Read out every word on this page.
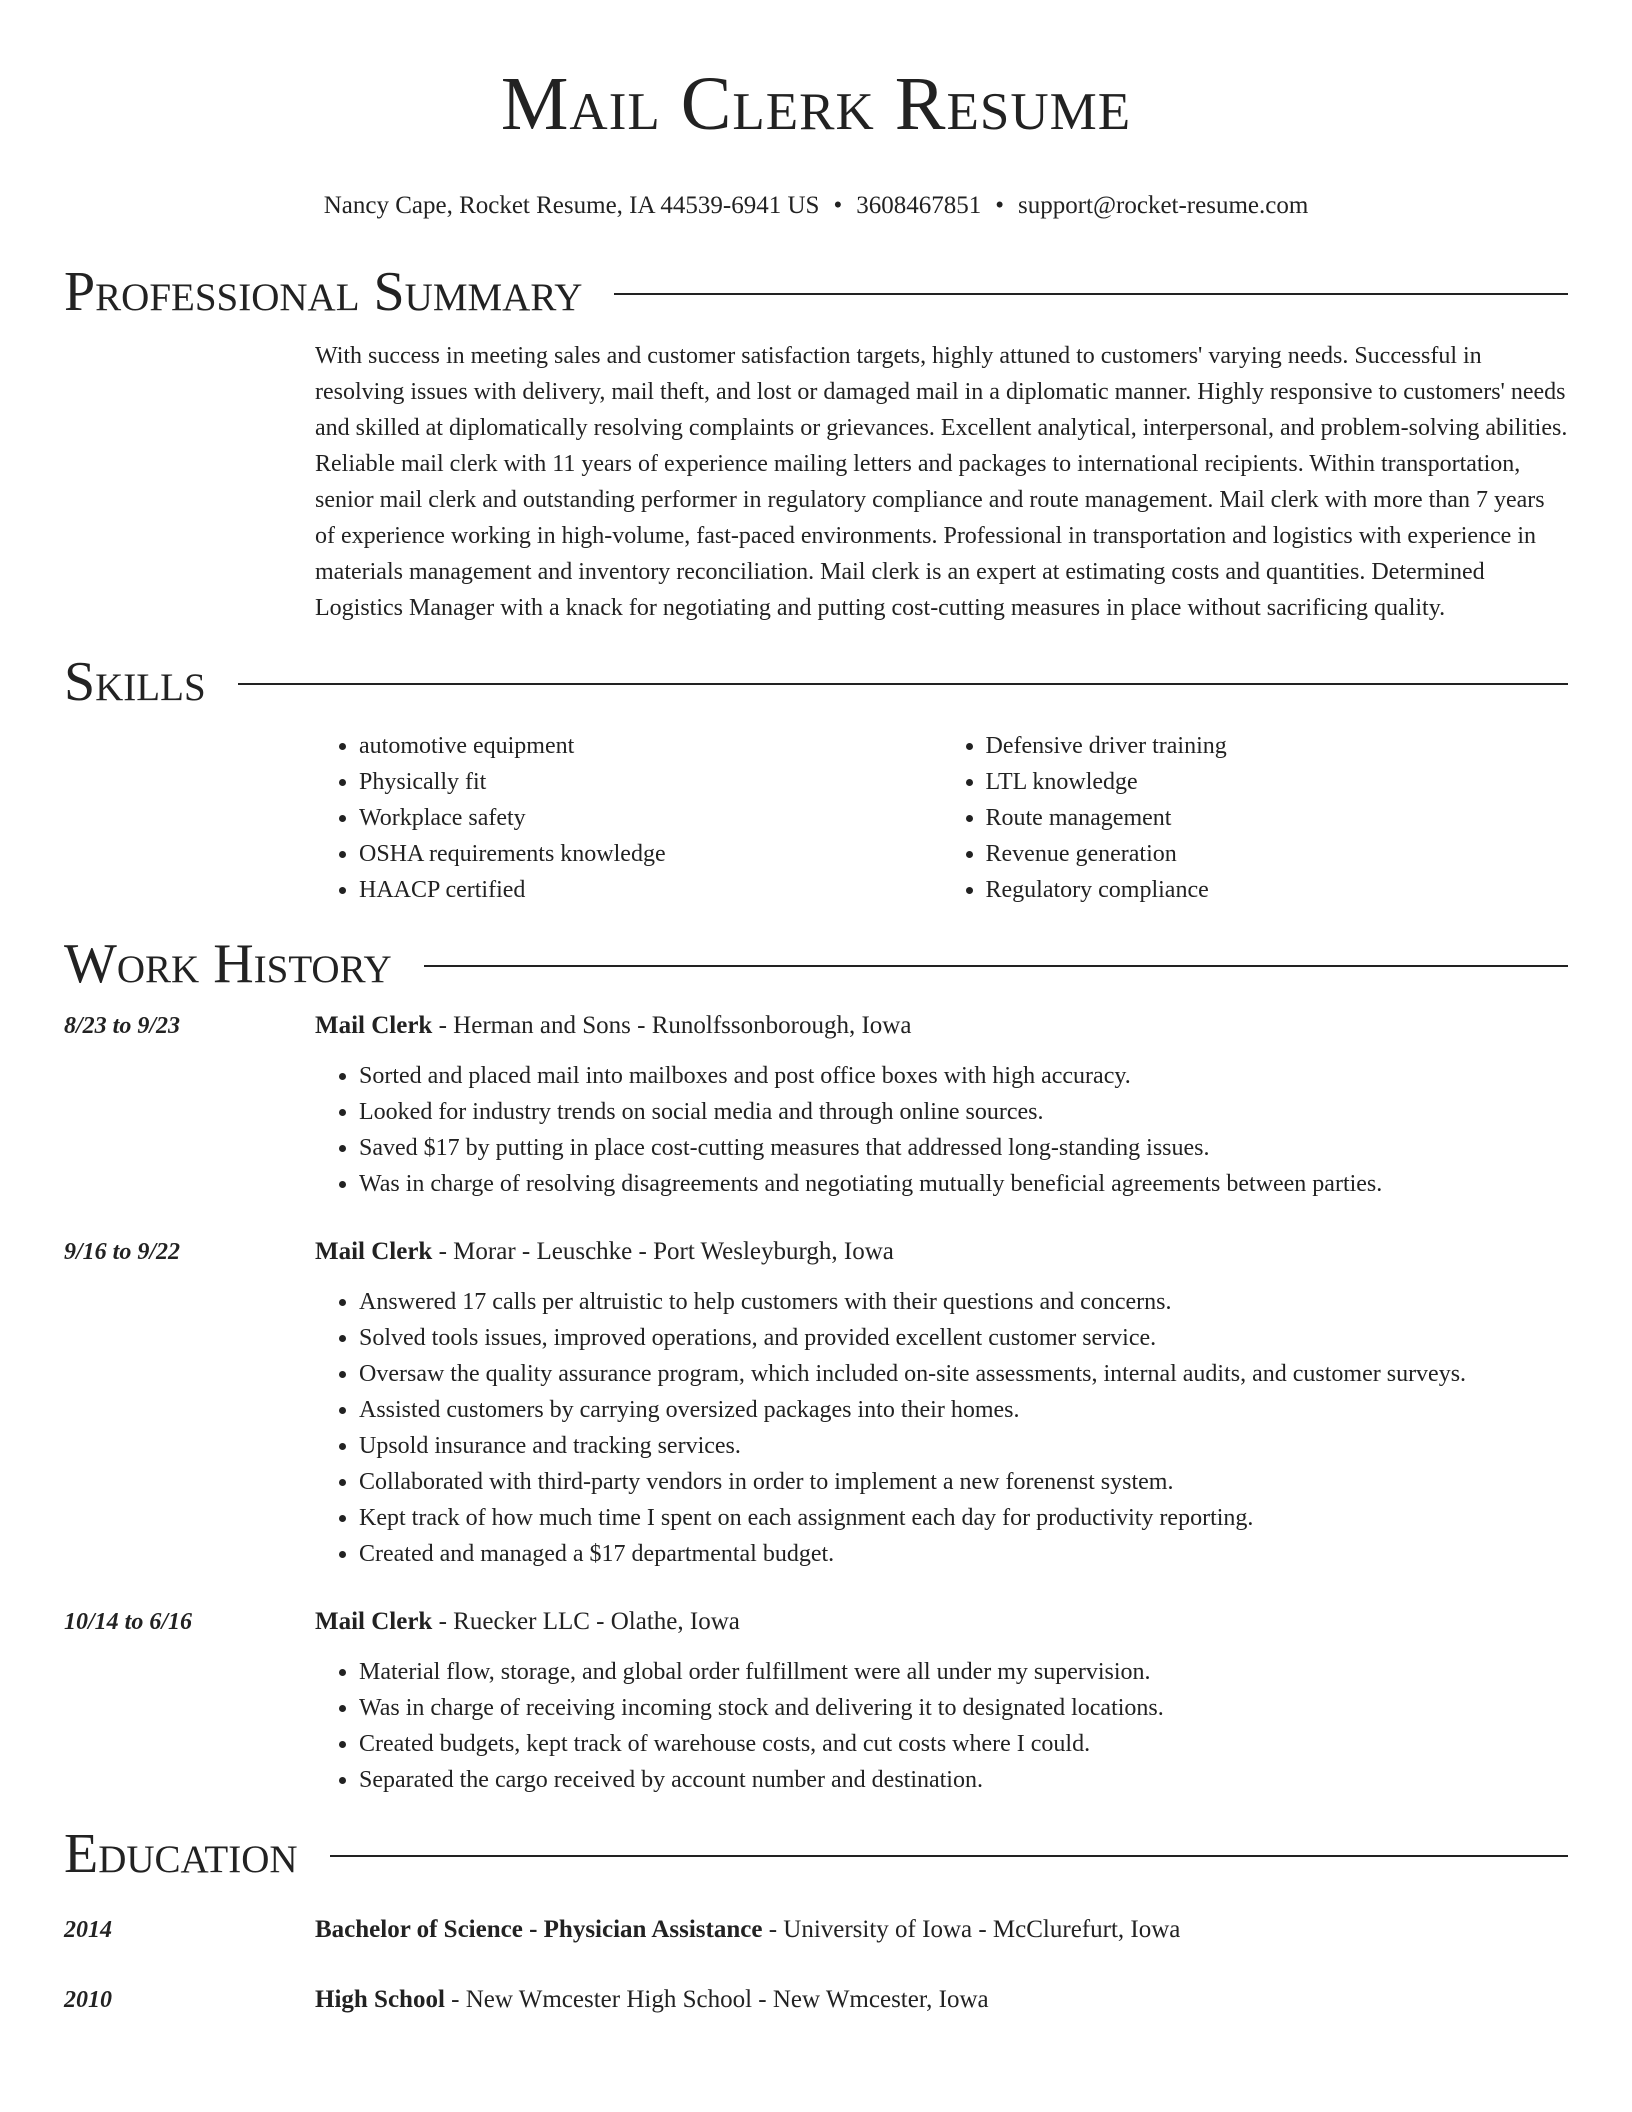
Mail Clerk Resume
Nancy Cape, Rocket Resume, IA 44539-6941 US • 3608467851 • support@rocket-resume.com
Professional Summary

With success in meeting sales and customer satisfaction targets, highly attuned to customers' varying needs. Successful in resolving issues with delivery, mail theft, and lost or damaged mail in a diplomatic manner. Highly responsive to customers' needs and skilled at diplomatically resolving complaints or grievances. Excellent analytical, interpersonal, and problem-solving abilities. Reliable mail clerk with 11 years of experience mailing letters and packages to international recipients. Within transportation, senior mail clerk and outstanding performer in regulatory compliance and route management. Mail clerk with more than 7 years of experience working in high-volume, fast-paced environments. Professional in transportation and logistics with experience in materials management and inventory reconciliation. Mail clerk is an expert at estimating costs and quantities. Determined Logistics Manager with a knack for negotiating and putting cost-cutting measures in place without sacrificing quality.

Skills
• automotive equipment
• Physically fit
• Workplace safety
• OSHA requirements knowledge
• HAACP certified
• Defensive driver training
• LTL knowledge
• Route management
• Revenue generation
• Regulatory compliance
Work History
8/23 to 9/23	Mail Clerk - Herman and Sons - Runolfssonborough, Iowa
• Sorted and placed mail into mailboxes and post office boxes with high accuracy.
• Looked for industry trends on social media and through online sources.
• Saved $17 by putting in place cost-cutting measures that addressed long-standing issues.
• Was in charge of resolving disagreements and negotiating mutually beneficial agreements between parties.
9/16 to 9/22	Mail Clerk - Morar - Leuschke - Port Wesleyburgh, Iowa
• Answered 17 calls per altruistic to help customers with their questions and concerns.
• Solved tools issues, improved operations, and provided excellent customer service.
• Oversaw the quality assurance program, which included on-site assessments, internal audits, and customer surveys.
• Assisted customers by carrying oversized packages into their homes.
• Upsold insurance and tracking services.
• Collaborated with third-party vendors in order to implement a new forenenst system.
• Kept track of how much time I spent on each assignment each day for productivity reporting.
• Created and managed a $17 departmental budget.
10/14 to 6/16	Mail Clerk - Ruecker LLC - Olathe, Iowa
• Material flow, storage, and global order fulfillment were all under my supervision.
• Was in charge of receiving incoming stock and delivering it to designated locations.
• Created budgets, kept track of warehouse costs, and cut costs where I could.
• Separated the cargo received by account number and destination.
Education
2014	Bachelor of Science - Physician Assistance - University of Iowa - McClurefurt, Iowa
2010	High School - New Wmcester High School - New Wmcester, Iowa
